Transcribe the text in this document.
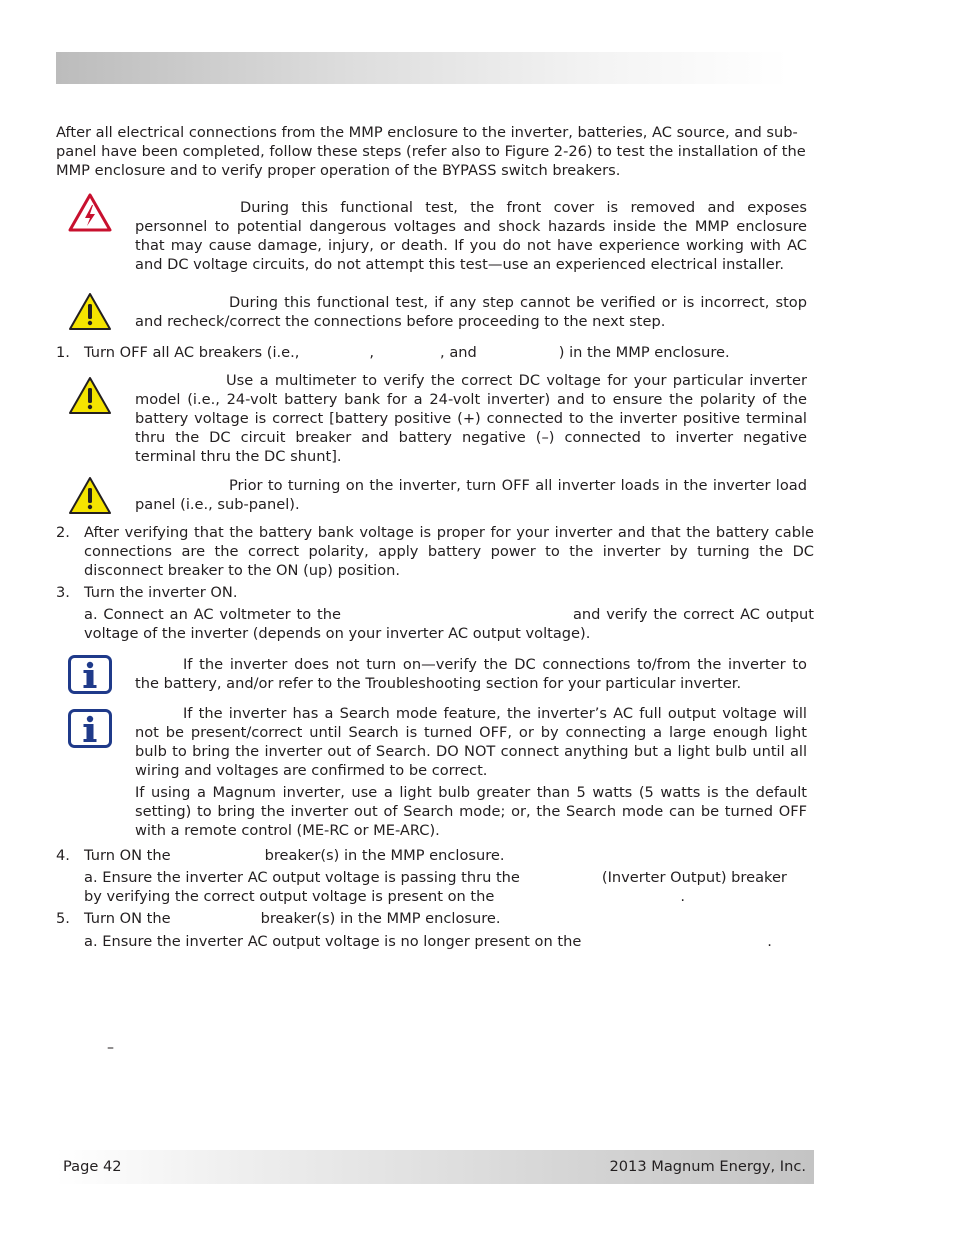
After all electrical connections from the MMP enclosure to the inverter, batteries, AC source, and sub-panel have been completed, follow these steps (refer also to Figure 2-26) to test the installation of the MMP enclosure and to verify proper operation of the BYPASS switch breakers.

During this functional test, the front cover is removed and exposes personnel to potential dangerous voltages and shock hazards inside the MMP enclosure that may cause damage, injury, or death. If you do not have experience working with AC and DC voltage circuits, do not attempt this test—use an experienced electrical installer.

During this functional test, if any step cannot be verified or is incorrect, stop and recheck/correct the connections before proceeding to the next step.

1. Turn OFF all AC breakers (i.e.,	,	, and	) in the MMP enclosure.

Use a multimeter to verify the correct DC voltage for your particular inverter model (i.e., 24-volt battery bank for a 24-volt inverter) and to ensure the polarity of the battery voltage is correct [battery positive (+) connected to the inverter positive terminal thru the DC circuit breaker and battery negative (–) connected to inverter negative terminal thru the DC shunt].

Prior to turning on the inverter, turn OFF all inverter loads in the inverter load panel (i.e., sub-panel).

2. After verifying that the battery bank voltage is proper for your inverter and that the battery cable connections are the correct polarity, apply battery power to the inverter by turning the DC disconnect breaker to the ON (up) position.
3. Turn the inverter ON.
a. Connect an AC voltmeter to the	and verify the correct AC output voltage of the inverter (depends on your inverter AC output voltage).

If the inverter does not turn on—verify the DC connections to/from the inverter to the battery, and/or refer to the Troubleshooting section for your particular inverter.

If the inverter has a Search mode feature, the inverter’s AC full output voltage will not be present/correct until Search is turned OFF, or by connecting a large enough light bulb to bring the inverter out of Search. DO NOT connect anything but a light bulb until all wiring and voltages are confirmed to be correct.

If using a Magnum inverter, use a light bulb greater than 5 watts (5 watts is the default setting) to bring the inverter out of Search mode; or, the Search mode can be turned OFF with a remote control (ME-RC or ME-ARC).

4. Turn ON the	breaker(s) in the MMP enclosure.
a. Ensure the inverter AC output voltage is passing thru the	(Inverter Output) breaker
by verifying the correct output voltage is present on the	.
5. Turn ON the	breaker(s) in the MMP enclosure.
a. Ensure the inverter AC output voltage is no longer present on the	.
–
Page 42	2013 Magnum Energy, Inc.
